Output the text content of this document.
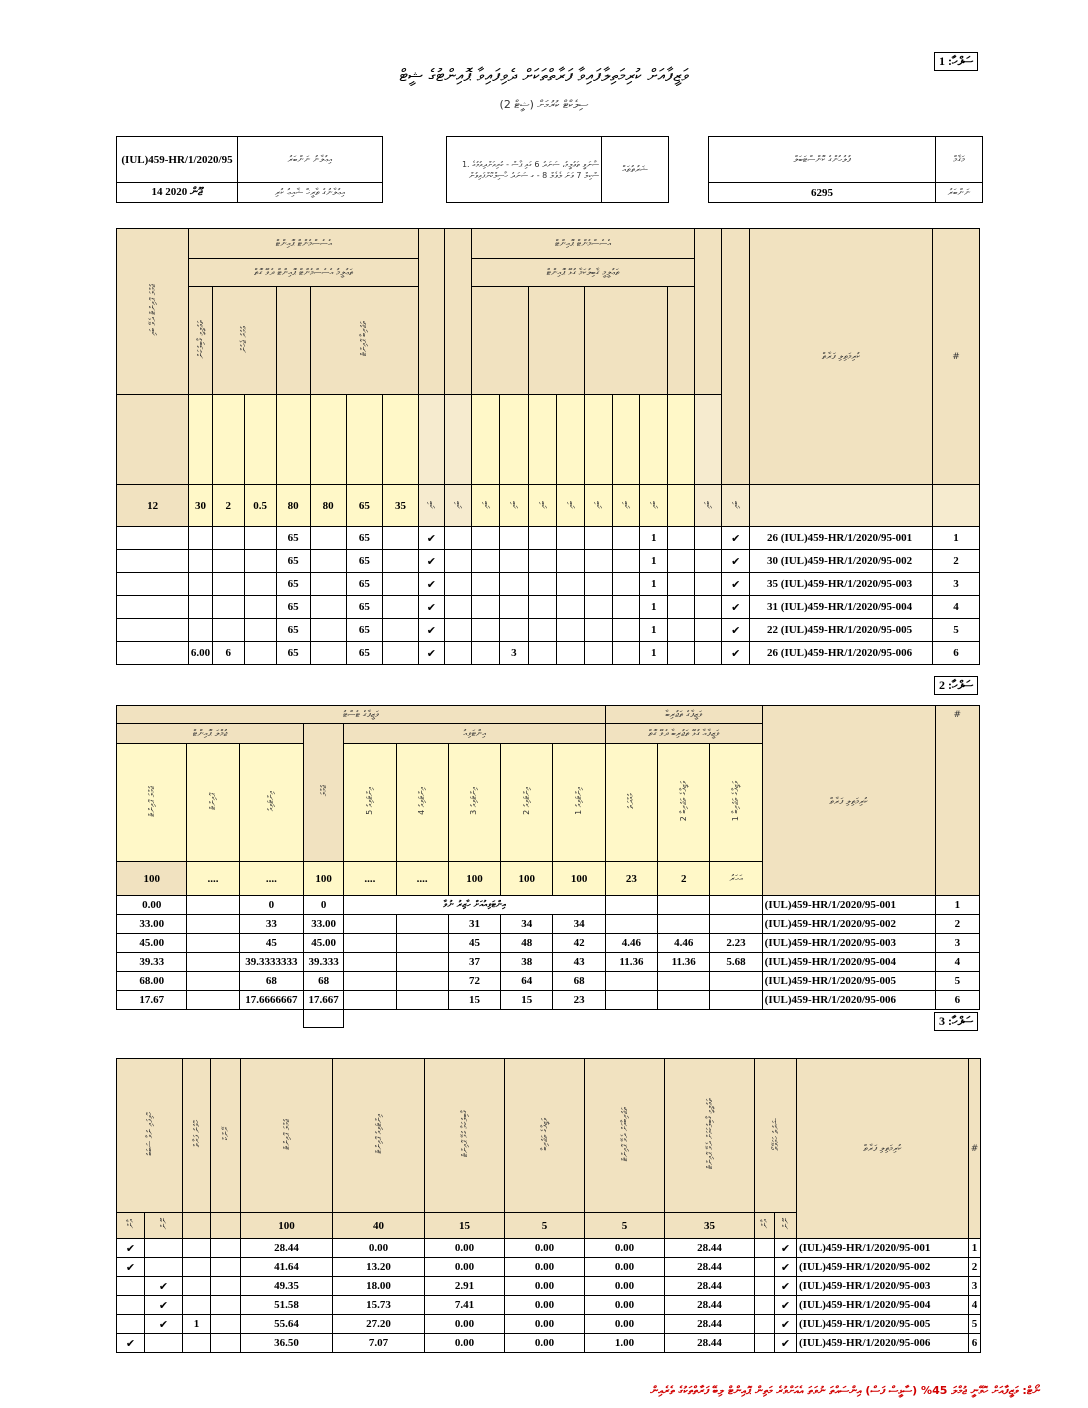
ސަފްހާ: 1
ވަޒީފާއަށް ކުރިމަތިލާފައިވާ ފަރާތްތަކަށް ދެވިފައިވާ ޕޮއިންޓުގެ ޝީޓް
ސިލެކްޓް ކުރުމަށް (ޝީޓް 2)
(IUL)459-HR/1/2020/95	އިޢުލާނު ނަންބަރު
14 ޖޫން 2020	އިޢުލާނުގެ ތާރީޚް ޝާއިޢު ކުރި
1. ސާނަވީ ތަޢުލީމު، ސަނަދު 6 ގައި ޕާސް - ކުރިއަށްދިއުމުގެ ސްކިލް 7 ވަނަ ލެވެލް 8 - ގ ސަނަދު ހާސިލްކޮށްފައިވުން	ޝަރުތުތައް
ފުލުހުންގެ ކޮންސްޓަބަލް	މަޤާމް
6295	ނަންބަރު
ޖުމްލަ ޕޮއިންޓް ދެވޭ ބައި	އެސެސްމެންޓް ޕޮއިންޓް									އެސެސްމެންޓް ޕޮއިންޓް										ކުރިމަތިލި ފަރާތް	#
	ތަޢުލީމު އެސެސްމެންޓް ޕޮއިންޓް ދެވޭ ގޮތް									ތަޢުލީމީ ޤާބިލުކަމާ ގުޅޭ ޕޮއިންޓް											
	ތަޢުލީމީ ޤާބިލުކަން	ޢުމުރު ޖެހުން			ތަޖުރިބާ ޕޮއިންޓް																

12	30	2	0.5	80	80	65	35	ބައި	ބައި	ބައި	ބައި	ބައި	ބައި	ބައި	ބައި	ބައި		ބައި	ބައި		
				65		65		✔								1			✔	26 (IUL)459-HR/1/2020/95-001	1
				65		65		✔								1			✔	30 (IUL)459-HR/1/2020/95-002	2
				65		65		✔								1			✔	35 (IUL)459-HR/1/2020/95-003	3
				65		65		✔								1			✔	31 (IUL)459-HR/1/2020/95-004	4
				65		65		✔								1			✔	22 (IUL)459-HR/1/2020/95-005	5
	6.00	6		65		65		✔			3					1			✔	26 (IUL)459-HR/1/2020/95-006	6
ސަފްހާ: 2
ވަޒީފާގެ ޓެސްޓު									ވަޒީފާގެ ތަޖުރިބާ			ކުރިމަތިލި ފަރާތް	#
ޖުމްލަ ޕޮއިންޓް			ޖުމްލަ	އިންޓަވިއު					ވަޒީފާއާ ގުޅޭ ތަޖުރިބާ ދެވޭ ގޮތް				
ޖުމްލަ ޕޮއިންޓް	ޕޮއިންޓް	އިންޓަވިއު		އިންޓަވިއު 5	އިންޓަވިއު 4	އިންޓަވިއު 3	އިންޓަވިއު 2	އިންޓަވިއު 1	މުއްދަތު	ވަޒީފާގެ ތަޖުރިބާ 2	ވަޒީފާގެ ތަޖުރިބާ 1		
100	....	....	100	....	....	100	100	100	23	2	އަހަރު		
0.00		0	0	އިންޓަވިއުއަށް ހާޒިރު ނުވާ								(IUL)459-HR/1/2020/95-001	1
33.00		33	33.00			31	34	34				(IUL)459-HR/1/2020/95-002	2
45.00		45	45.00			45	48	42	4.46	4.46	2.23	(IUL)459-HR/1/2020/95-003	3
39.33		39.3333333	39.333			37	38	43	11.36	11.36	5.68	(IUL)459-HR/1/2020/95-004	4
68.00		68	68			72	64	68				(IUL)459-HR/1/2020/95-005	5
17.67		17.6666667	17.667			15	15	23				(IUL)459-HR/1/2020/95-006	6

ސަފްހާ: 3
ހޮވިފައި ނުވާ ސަބަބު		ހޮވުނު ފަރާތް	ރޭންކް	ޖުމްލަ ޕޮއިންޓް	އިންޓަވިއު ޕޮއިންޓް	ޤާބިލުކަމާ ގުޅޭ ޕޮއިންޓް	ވަޒީފާގެ ތަޖުރިބާ	ތަޖުރިބާއަށް ދެވޭ ޕޮއިންޓް	ތަޢުލީމީ ޤާބިލުކަމަށް ދެވޭ ޕޮއިންޓް	ޝަރުތު ހަމަވޭތޯ		ކުރިމަތިލި ފަރާތް	#
އާން	ނޫން			100	40	15	5	5	35	އާން	ނޫން		
✔				28.44	0.00	0.00	0.00	0.00	28.44		✔	(IUL)459-HR/1/2020/95-001	1
✔				41.64	13.20	0.00	0.00	0.00	28.44		✔	(IUL)459-HR/1/2020/95-002	2
	✔			49.35	18.00	2.91	0.00	0.00	28.44		✔	(IUL)459-HR/1/2020/95-003	3
	✔			51.58	15.73	7.41	0.00	0.00	28.44		✔	(IUL)459-HR/1/2020/95-004	4
	✔	1		55.64	27.20	0.00	0.00	0.00	28.44		✔	(IUL)459-HR/1/2020/95-005	5
✔				36.50	7.07	0.00	0.00	1.00	28.44		✔	(IUL)459-HR/1/2020/95-006	6
ނޯޓް: ވަޒީފާއަށް ހޮވޭނީ ޖުމްލަ 45% (ސާޅީސް ފަސް) އިންސައްތަ ނުވަތަ އެއަށްވުރެ މަތިން ޕޮއިންޓް ލިބޭ ފަރާތްތަކުގެ ތެރެއިން
